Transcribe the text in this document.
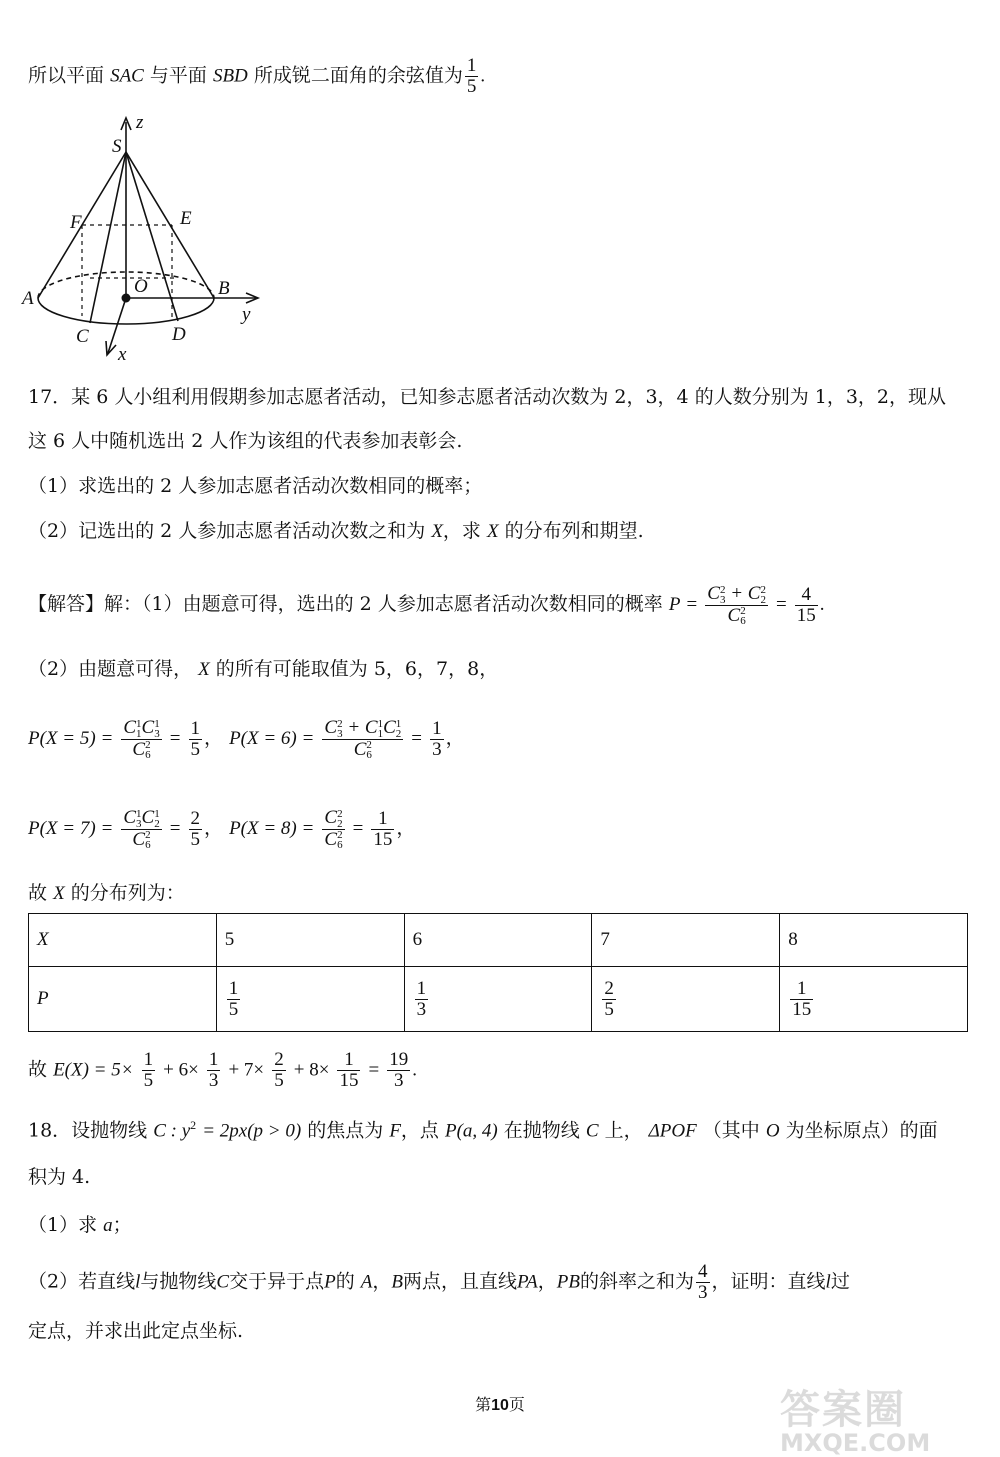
所以平面 SAC 与平面 SBD 所成锐二面角的余弦值为 $\frac{1}{5}$ .
S
z
F	E
A
O	B
y
C	D
x
17．某 6 人小组利用假期参加志愿者活动，已知参志愿者活动次数为 2，3，4 的人数分别为 1，3，2，现从
这 6 人中随机选出 2 人作为该组的代表参加表彰会.
（1）求选出的 2 人参加志愿者活动次数相同的概率；
（2）记选出的 2 人参加志愿者活动次数之和为 X，求 X 的分布列和期望.
【解答】解：（1）由题意可得，选出的 2 人参加志愿者活动次数相同的概率 P = C 2
3 + C 2
2
C 2
$6 = \frac{4}{15}$ .
（2）由题意可得， X 的所有可能取值为 5，6，7，8，
P(X = 5) = C 1
1 C 1
3
C 2
$6 = \frac{1}{5}$ ， P(X = 6) = C 2
3 + C 1
1 C 1
2
C 2
$6 = \frac{1}{3}$ ，
P(X = 7) = C 1
3 C 1
2
C 2
$6 = \frac{2}{5}$ ， P(X = 8) = C 2
2
C 2
$6 = \frac{1}{15}$ ，
故 X 的分布列为：
X	5	6	7	8
P	$\frac{1}{5}$	$\frac{1}{3}$	$\frac{2}{5}$	$\frac{1}{15}$
故 $E(X) = 5\times \frac{1}{5} + 6\times \frac{1}{3} + 7\times \frac{2}{5} + 8\times \frac{1}{15} = \frac{19}{3}$ .
18．设抛物线 C : $y^2 = 2px(p > 0)$ 的焦点为 F，点 P(a, 4) 在抛物线 C 上， ΔPOF （其中 O 为坐标原点）的面
积为 4.
（1）求 a；
（2）若直线l与抛物线C交于异于点P的 A，B两点，且直线PA，PB的斜率之和为 $\frac{4}{3}$ ，证明：直线l过
定点，并求出此定点坐标.
第10页	答案圈
MXQE.COM
